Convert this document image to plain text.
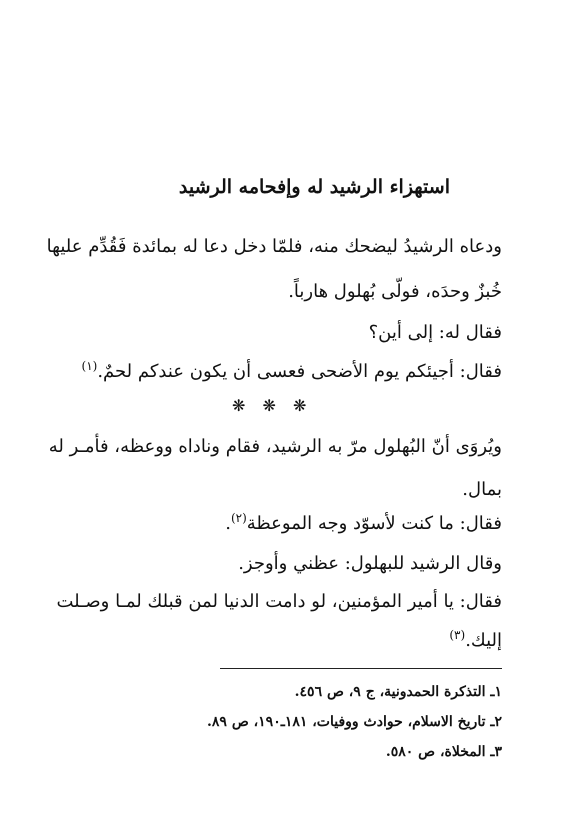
استهزاء الرشيد له وإفحامه الرشيد
ودعاه الرشيدُ ليضحك منه، فلمّا دخل دعا له بمائدة فَقُدِّم عليها
خُبزٌ وحدَه، فولّى بُهلول هارباً.
فقال له: إلى أين؟
فقال: أجيئكم يوم الأضحى فعسى أن يكون عندكم لحمٌ.$^{(١)}$
❋ ❋ ❋
ويُروَى أنّ البُهلول مرّ به الرشيد، فقام وناداه ووعظه، فأمـر له
بمال.
فقال: ما كنت لأسوّد وجه الموعظة$^{(٢)}$.
وقال الرشيد للبهلول: عظني وأوجز.
فقال: يا أمير المؤمنين، لو دامت الدنيا لمن قبلك لمـا وصـلت
إليك.$^{(٣)}$
١ـ التذكرة الحمدونية، ج ٩، ص ٤٥٦.
٢ـ تاريخ الاسلام، حوادث ووفيات، ١٨١ـ١٩٠، ص ٨٩.
٣ـ المخلاة، ص ٥٨٠.
